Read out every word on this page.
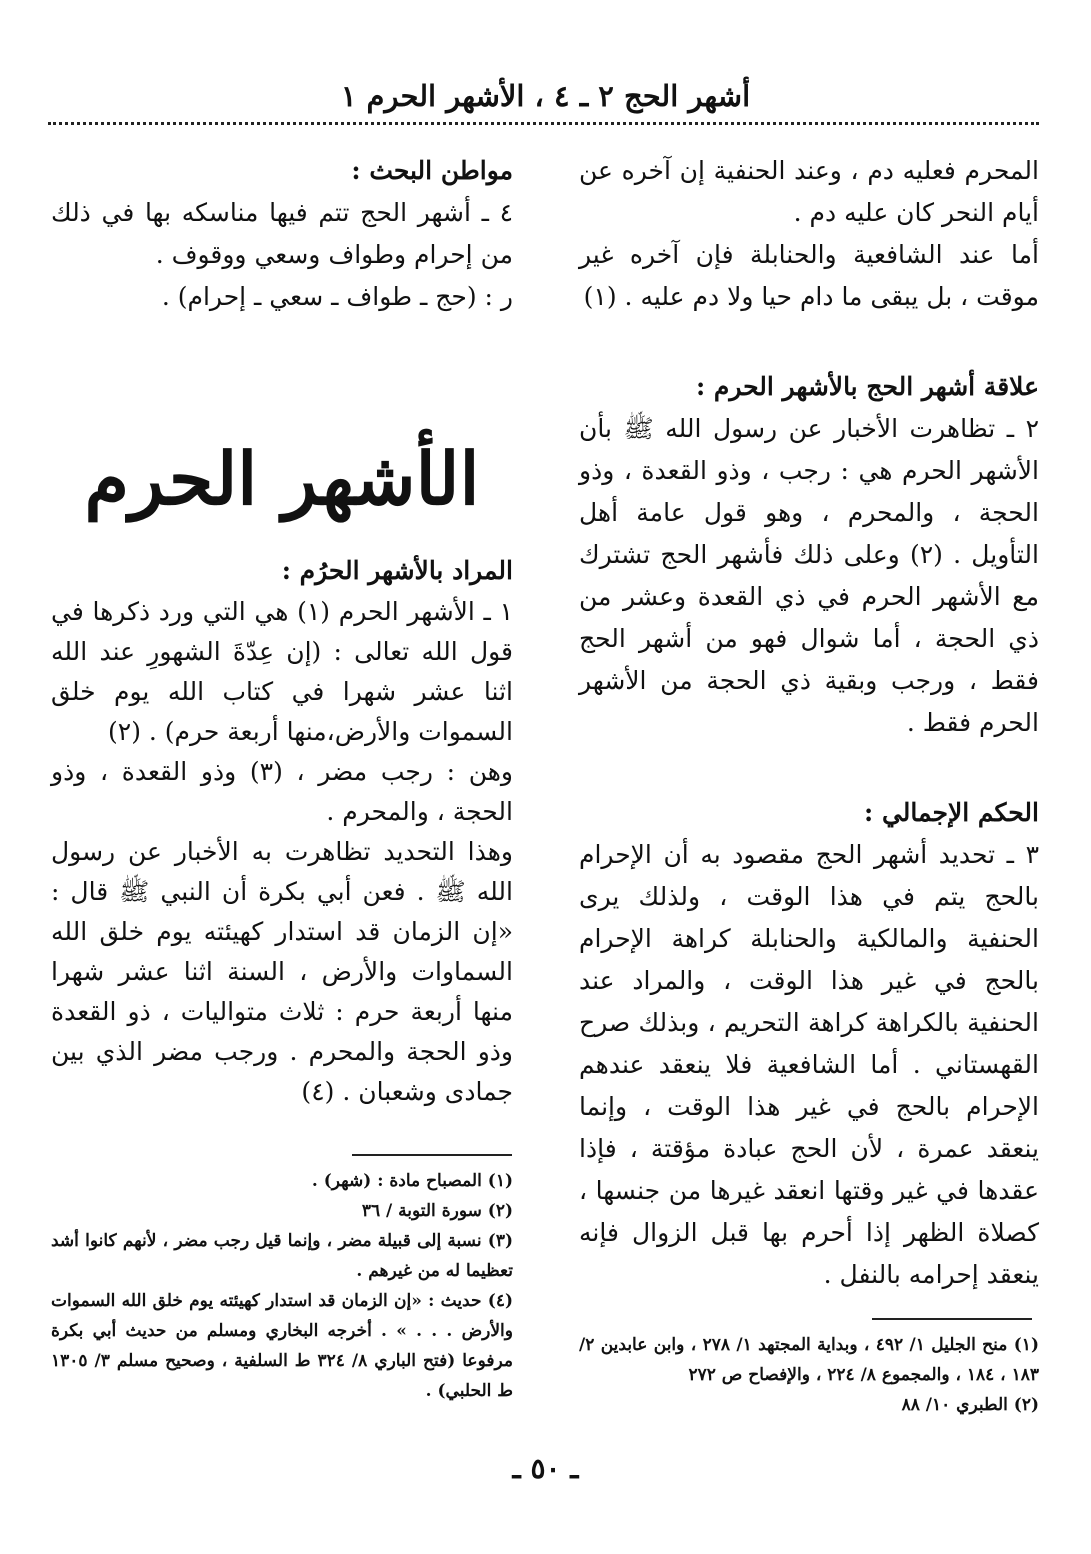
أشهر الحج ٢ ـ ٤ ، الأشهر الحرم ١

المحرم فعليه دم ، وعند الحنفية إن آخره عن أيام النحر كان عليه دم .

أما عند الشافعية والحنابلة فإن آخره غير موقت ، بل يبقى ما دام حيا ولا دم عليه . (١)

علاقة أشهر الحج بالأشهر الحرم :

٢ ـ تظاهرت الأخبار عن رسول الله ﷺ بأن الأشهر الحرم هي : رجب ، وذو القعدة ، وذو الحجة ، والمحرم ، وهو قول عامة أهل التأويل . (٢) وعلى ذلك فأشهر الحج تشترك مع الأشهر الحرم في ذي القعدة وعشر من ذي الحجة ، أما شوال فهو من أشهر الحج فقط ، ورجب وبقية ذي الحجة من الأشهر الحرم فقط .

الحكم الإجمالي :

٣ ـ تحديد أشهر الحج مقصود به أن الإحرام بالحج يتم في هذا الوقت ، ولذلك يرى الحنفية والمالكية والحنابلة كراهة الإحرام بالحج في غير هذا الوقت ، والمراد عند الحنفية بالكراهة كراهة التحريم ، وبذلك صرح القهستاني . أما الشافعية فلا ينعقد عندهم الإحرام بالحج في غير هذا الوقت ، وإنما ينعقد عمرة ، لأن الحج عبادة مؤقتة ، فإذا عقدها في غير وقتها انعقد غيرها من جنسها ، كصلاة الظهر إذا أحرم بها قبل الزوال فإنه ينعقد إحرامه بالنفل .

مواطن البحث :

٤ ـ أشهر الحج تتم فيها مناسكه بها في ذلك من إحرام وطواف وسعي ووقوف .

ر : (حج ـ طواف ـ سعي ـ إحرام) .

الأشهر الحرم

المراد بالأشهر الحرُم :

١ ـ الأشهر الحرم (١) هي التي ورد ذكرها في قول الله تعالى : (إن عِدّةَ الشهورِ عند الله اثنا عشر شهرا في كتاب الله يوم خلق السموات والأرض،منها أربعة حرم) . (٢)

وهن : رجب مضر ، (٣) وذو القعدة ، وذو الحجة ، والمحرم .

وهذا التحديد تظاهرت به الأخبار عن رسول الله ﷺ . فعن أبي بكرة أن النبي ﷺ قال : «إن الزمان قد استدار كهيئته يوم خلق الله السماوات والأرض ، السنة اثنا عشر شهرا منها أربعة حرم : ثلاث متواليات ، ذو القعدة وذو الحجة والمحرم . ورجب مضر الذي بين جمادى وشعبان . (٤)

(١) المصباح مادة : (شهر) .

(٢) سورة التوبة / ٣٦

(٣) نسبة إلى قبيلة مضر ، وإنما قيل رجب مضر ، لأنهم كانوا أشد تعظيما له من غيرهم .

(٤) حديث : «إن الزمان قد استدار كهيئته يوم خلق الله السموات والأرض . . . » . أخرجه البخاري ومسلم من حديث أبي بكرة مرفوعا (فتح الباري ٨/ ٣٢٤ ط السلفية ، وصحيح مسلم ٣/ ١٣٠٥ ط الحلبي) .

(١) منح الجليل ١/ ٤٩٢ ، وبداية المجتهد ١/ ٢٧٨ ، وابن عابدين ٢/ ١٨٣ ، ١٨٤ ، والمجموع ٨/ ٢٢٤ ، والإفصاح ص ٢٧٢

(٢) الطبري ١٠/ ٨٨

ـ ٥٠ ـ
